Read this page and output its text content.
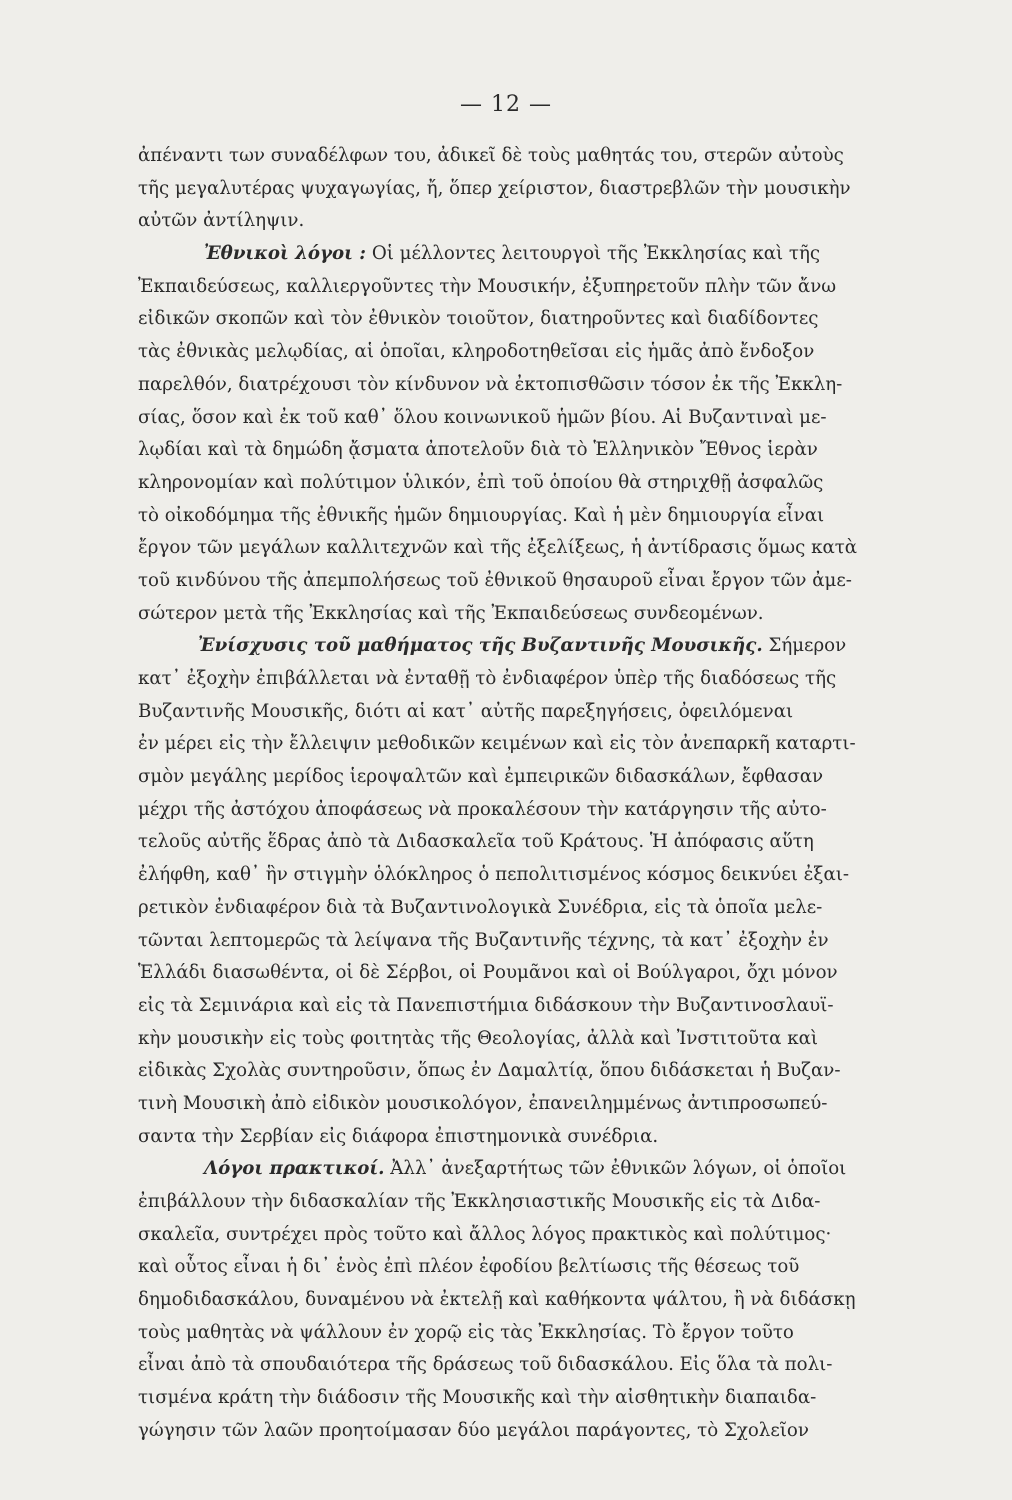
— 12 —
ἀπέναντι των συναδέλφων του, ἀδικεῖ δὲ τοὺς μαθητάς του, στερῶν αὐτοὺς
τῆς μεγαλυτέρας ψυχαγωγίας, ἤ, ὅπερ χείριστον, διαστρεβλῶν τὴν μουσικὴν
αὐτῶν ἀντίληψιν.
Ἐθνικοὶ λόγοι : Οἱ μέλλοντες λειτουργοὶ τῆς Ἐκκλησίας καὶ τῆς
Ἐκπαιδεύσεως, καλλιεργοῦντες τὴν Μουσικήν, ἐξυπηρετοῦν πλὴν τῶν ἄνω
εἰδικῶν σκοπῶν καὶ τὸν ἐθνικὸν τοιοῦτον, διατηροῦντες καὶ διαδίδοντες
τὰς ἐθνικὰς μελῳδίας, αἱ ὁποῖαι, κληροδοτηθεῖσαι εἰς ἡμᾶς ἀπὸ ἔνδοξον
παρελθόν, διατρέχουσι τὸν κίνδυνον νὰ ἐκτοπισθῶσιν τόσον ἐκ τῆς Ἐκκλη-
σίας, ὅσον καὶ ἐκ τοῦ καθ᾿ ὅλου κοινωνικοῦ ἡμῶν βίου. Αἱ Βυζαντιναὶ με-
λῳδίαι καὶ τὰ δημώδη ᾄσματα ἀποτελοῦν διὰ τὸ Ἑλληνικὸν Ἔθνος ἱερὰν
κληρονομίαν καὶ πολύτιμον ὑλικόν, ἐπὶ τοῦ ὁποίου θὰ στηριχθῇ ἀσφαλῶς
τὸ οἰκοδόμημα τῆς ἐθνικῆς ἡμῶν δημιουργίας. Καὶ ἡ μὲν δημιουργία εἶναι
ἔργον τῶν μεγάλων καλλιτεχνῶν καὶ τῆς ἐξελίξεως, ἡ ἀντίδρασις ὅμως κατὰ
τοῦ κινδύνου τῆς ἀπεμπολήσεως τοῦ ἐθνικοῦ θησαυροῦ εἶναι ἔργον τῶν ἀμε-
σώτερον μετὰ τῆς Ἐκκλησίας καὶ τῆς Ἐκπαιδεύσεως συνδεομένων.
Ἐνίσχυσις τοῦ μαθήματος τῆς Βυζαντινῆς Μουσικῆς. Σήμερον
κατ᾿ ἐξοχὴν ἐπιβάλλεται νὰ ἐνταθῇ τὸ ἐνδιαφέρον ὑπὲρ τῆς διαδόσεως τῆς
Βυζαντινῆς Μουσικῆς, διότι αἱ κατ᾿ αὐτῆς παρεξηγήσεις, ὀφειλόμεναι
ἐν μέρει εἰς τὴν ἔλλειψιν μεθοδικῶν κειμένων καὶ εἰς τὸν ἀνεπαρκῆ καταρτι-
σμὸν μεγάλης μερίδος ἱεροψαλτῶν καὶ ἐμπειρικῶν διδασκάλων, ἔφθασαν
μέχρι τῆς ἀστόχου ἀποφάσεως νὰ προκαλέσουν τὴν κατάργησιν τῆς αὐτο-
τελοῦς αὐτῆς ἕδρας ἀπὸ τὰ Διδασκαλεῖα τοῦ Κράτους. Ἡ ἀπόφασις αὕτη
ἐλήφθη, καθ᾿ ἣν στιγμὴν ὁλόκληρος ὁ πεπολιτισμένος κόσμος δεικνύει ἐξαι-
ρετικὸν ἐνδιαφέρον διὰ τὰ Βυζαντινολογικὰ Συνέδρια, εἰς τὰ ὁποῖα μελε-
τῶνται λεπτομερῶς τὰ λείψανα τῆς Βυζαντινῆς τέχνης, τὰ κατ᾿ ἐξοχὴν ἐν
Ἑλλάδι διασωθέντα, οἱ δὲ Σέρβοι, οἱ Ρουμᾶνοι καὶ οἱ Βούλγαροι, ὄχι μόνον
εἰς τὰ Σεμινάρια καὶ εἰς τὰ Πανεπιστήμια διδάσκουν τὴν Βυζαντινοσλαυϊ-
κὴν μουσικὴν εἰς τοὺς φοιτητὰς τῆς Θεολογίας, ἀλλὰ καὶ Ἰνστιτοῦτα καὶ
εἰδικὰς Σχολὰς συντηροῦσιν, ὅπως ἐν Δαμαλτίᾳ, ὅπου διδάσκεται ἡ Βυζαν-
τινὴ Μουσικὴ ἀπὸ εἰδικὸν μουσικολόγον, ἐπανειλημμένως ἀντιπροσωπεύ-
σαντα τὴν Σερβίαν εἰς διάφορα ἐπιστημονικὰ συνέδρια.
Λόγοι πρακτικοί. Ἀλλ᾿ ἀνεξαρτήτως τῶν ἐθνικῶν λόγων, οἱ ὁποῖοι
ἐπιβάλλουν τὴν διδασκαλίαν τῆς Ἐκκλησιαστικῆς Μουσικῆς εἰς τὰ Διδα-
σκαλεῖα, συντρέχει πρὸς τοῦτο καὶ ἄλλος λόγος πρακτικὸς καὶ πολύτιμος·
καὶ οὗτος εἶναι ἡ δι᾿ ἑνὸς ἐπὶ πλέον ἐφοδίου βελτίωσις τῆς θέσεως τοῦ
δημοδιδασκάλου, δυναμένου νὰ ἐκτελῇ καὶ καθήκοντα ψάλτου, ἢ νὰ διδάσκῃ
τοὺς μαθητὰς νὰ ψάλλουν ἐν χορῷ εἰς τὰς Ἐκκλησίας. Τὸ ἔργον τοῦτο
εἶναι ἀπὸ τὰ σπουδαιότερα τῆς δράσεως τοῦ διδασκάλου. Εἰς ὅλα τὰ πολι-
τισμένα κράτη τὴν διάδοσιν τῆς Μουσικῆς καὶ τὴν αἰσθητικὴν διαπαιδα-
γώγησιν τῶν λαῶν προητοίμασαν δύο μεγάλοι παράγοντες, τὸ Σχολεῖον
